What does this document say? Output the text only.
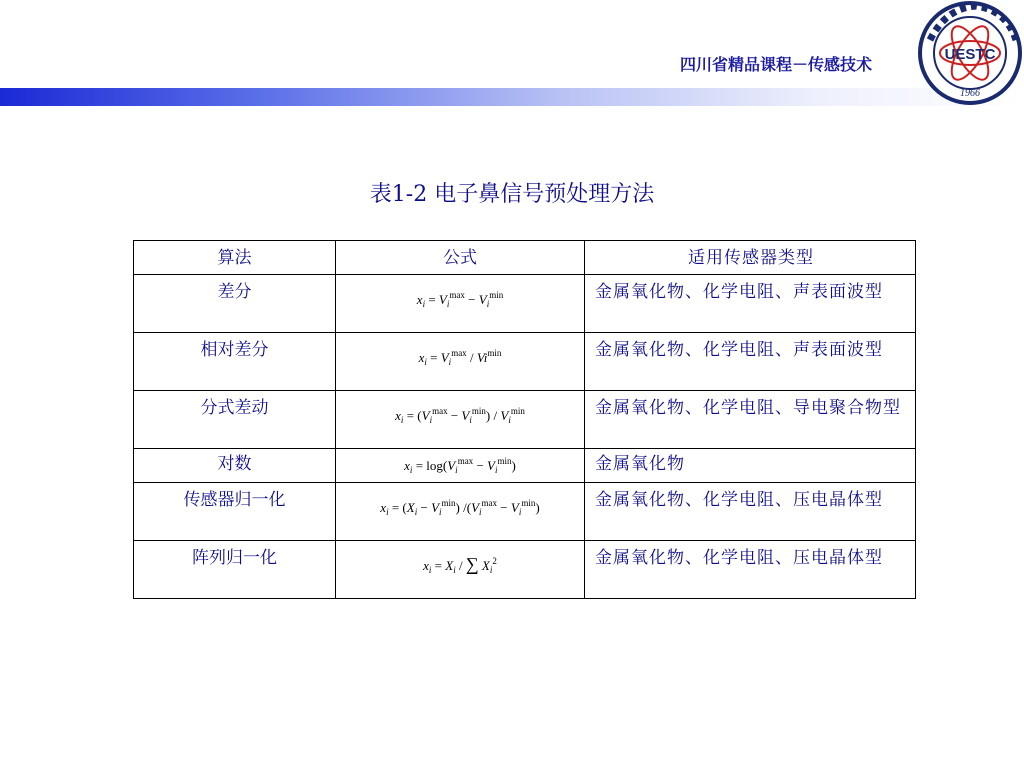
四川省精品课程－传感技术
UESTC
1966
表1-2 电子鼻信号预处理方法
算法	公式	适用传感器类型
差分	$x_i = V_i^{max} - V_i^{min}$	金属氧化物、化学电阻、声表面波型
相对差分	$x_i = V_i^{max} / Vi^{min}$	金属氧化物、化学电阻、声表面波型
分式差动	$x_i = (V_i^{max} - V_i^{min}) / V_i^{min}$	金属氧化物、化学电阻、导电聚合物型
对数	$x_i = \log(V_i^{max} - V_i^{min})$	金属氧化物
传感器归一化	$x_i = (X_i - V_i^{min}) /(V_i^{max} - V_i^{min})$	金属氧化物、化学电阻、压电晶体型
阵列归一化	$x_i = X_i$ / ∑ $X_i^2$	金属氧化物、化学电阻、压电晶体型
